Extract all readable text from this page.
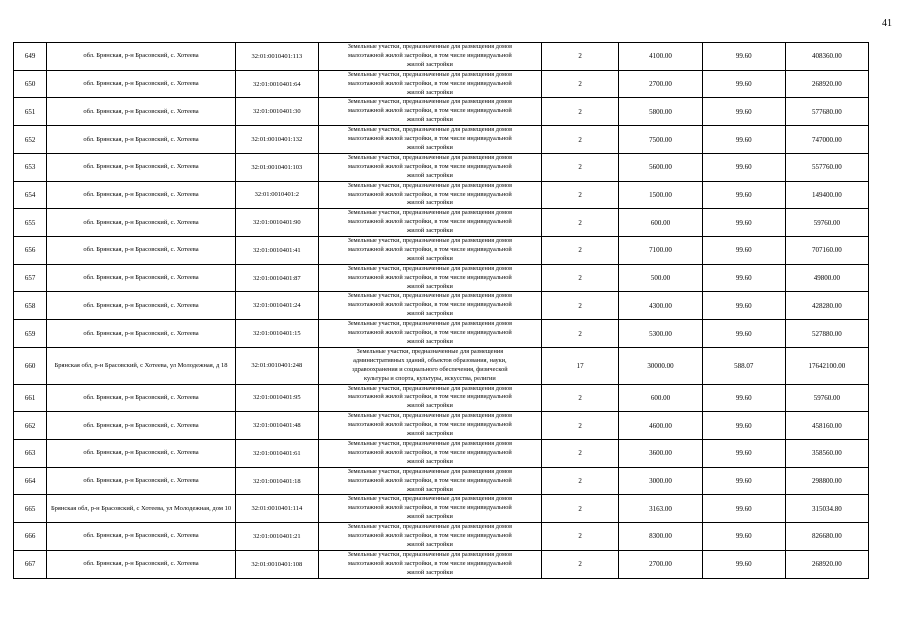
41
649	обл. Брянская, р-н Брасовский, с. Хотеева	32:01:0010401:113	Земельные участки, предназначенные для размещения домов
малоэтажной жилой застройки, в том числе индивидуальной
жилой застройки	2	4100.00	99.60	408360.00
650	обл. Брянская, р-н Брасовский, с. Хотеева	32:01:0010401:64	Земельные участки, предназначенные для размещения домов
малоэтажной жилой застройки, в том числе индивидуальной
жилой застройки	2	2700.00	99.60	268920.00
651	обл. Брянская, р-н Брасовский, с. Хотеева	32:01:0010401:30	Земельные участки, предназначенные для размещения домов
малоэтажной жилой застройки, в том числе индивидуальной
жилой застройки	2	5800.00	99.60	577680.00
652	обл. Брянская, р-н Брасовский, с. Хотеева	32:01:0010401:132	Земельные участки, предназначенные для размещения домов
малоэтажной жилой застройки, в том числе индивидуальной
жилой застройки	2	7500.00	99.60	747000.00
653	обл. Брянская, р-н Брасовский, с. Хотеева	32:01:0010401:103	Земельные участки, предназначенные для размещения домов
малоэтажной жилой застройки, в том числе индивидуальной
жилой застройки	2	5600.00	99.60	557760.00
654	обл. Брянская, р-н Брасовский, с. Хотеева	32:01:0010401:2	Земельные участки, предназначенные для размещения домов
малоэтажной жилой застройки, в том числе индивидуальной
жилой застройки	2	1500.00	99.60	149400.00
655	обл. Брянская, р-н Брасовский, с. Хотеева	32:01:0010401:90	Земельные участки, предназначенные для размещения домов
малоэтажной жилой застройки, в том числе индивидуальной
жилой застройки	2	600.00	99.60	59760.00
656	обл. Брянская, р-н Брасовский, с. Хотеева	32:01:0010401:41	Земельные участки, предназначенные для размещения домов
малоэтажной жилой застройки, в том числе индивидуальной
жилой застройки	2	7100.00	99.60	707160.00
657	обл. Брянская, р-н Брасовский, с. Хотеева	32:01:0010401:87	Земельные участки, предназначенные для размещения домов
малоэтажной жилой застройки, в том числе индивидуальной
жилой застройки	2	500.00	99.60	49800.00
658	обл. Брянская, р-н Брасовский, с. Хотеева	32:01:0010401:24	Земельные участки, предназначенные для размещения домов
малоэтажной жилой застройки, в том числе индивидуальной
жилой застройки	2	4300.00	99.60	428280.00
659	обл. Брянская, р-н Брасовский, с. Хотеева	32:01:0010401:15	Земельные участки, предназначенные для размещения домов
малоэтажной жилой застройки, в том числе индивидуальной
жилой застройки	2	5300.00	99.60	527880.00
660	Брянская обл, р-н Брасовский, с Хотеева, ул Молодежная, д 18	32:01:0010401:248	Земельные участки, предназначенные для размещения
административных зданий, объектов образования, науки,
здравоохранения и социального обеспечения, физической
культуры и спорта, культуры, искусства, религии	17	30000.00	588.07	17642100.00
661	обл. Брянская, р-н Брасовский, с. Хотеева	32:01:0010401:95	Земельные участки, предназначенные для размещения домов
малоэтажной жилой застройки, в том числе индивидуальной
жилой застройки	2	600.00	99.60	59760.00
662	обл. Брянская, р-н Брасовский, с. Хотеева	32:01:0010401:48	Земельные участки, предназначенные для размещения домов
малоэтажной жилой застройки, в том числе индивидуальной
жилой застройки	2	4600.00	99.60	458160.00
663	обл. Брянская, р-н Брасовский, с. Хотеева	32:01:0010401:61	Земельные участки, предназначенные для размещения домов
малоэтажной жилой застройки, в том числе индивидуальной
жилой застройки	2	3600.00	99.60	358560.00
664	обл. Брянская, р-н Брасовский, с. Хотеева	32:01:0010401:18	Земельные участки, предназначенные для размещения домов
малоэтажной жилой застройки, в том числе индивидуальной
жилой застройки	2	3000.00	99.60	298800.00
665	Брянская обл, р-н Брасовский, с Хотеева, ул Молодежная, дом 10	32:01:0010401:114	Земельные участки, предназначенные для размещения домов
малоэтажной жилой застройки, в том числе индивидуальной
жилой застройки	2	3163.00	99.60	315034.80
666	обл. Брянская, р-н Брасовский, с. Хотеева	32:01:0010401:21	Земельные участки, предназначенные для размещения домов
малоэтажной жилой застройки, в том числе индивидуальной
жилой застройки	2	8300.00	99.60	826680.00
667	обл. Брянская, р-н Брасовский, с. Хотеева	32:01:0010401:108	Земельные участки, предназначенные для размещения домов
малоэтажной жилой застройки, в том числе индивидуальной
жилой застройки	2	2700.00	99.60	268920.00
